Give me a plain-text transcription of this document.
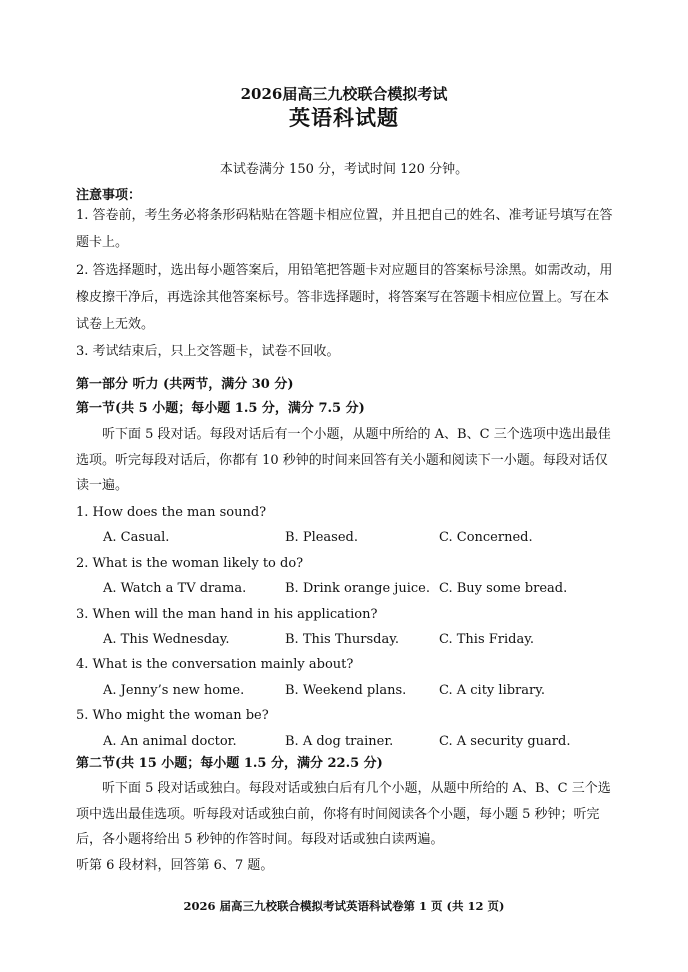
2026届高三九校联合模拟考试
英语科试题
本试卷满分 150 分，考试时间 120 分钟。
注意事项：
1. 答卷前，考生务必将条形码粘贴在答题卡相应位置，并且把自己的姓名、准考证号填写在答题卡上。
2. 答选择题时，选出每小题答案后，用铅笔把答题卡对应题目的答案标号涂黑。如需改动，用橡皮擦干净后，再选涂其他答案标号。答非选择题时，将答案写在答题卡相应位置上。写在本试卷上无效。
3. 考试结束后，只上交答题卡，试卷不回收。
第一部分 听力 (共两节，满分 30 分)
第一节(共 5 小题；每小题 1.5 分，满分 7.5 分)
听下面 5 段对话。每段对话后有一个小题，从题中所给的 A、B、C 三个选项中选出最佳选项。听完每段对话后，你都有 10 秒钟的时间来回答有关小题和阅读下一小题。每段对话仅读一遍。
1. How does the man sound?
A. Casual.	B. Pleased.	C. Concerned.
2. What is the woman likely to do?
A. Watch a TV drama.	B. Drink orange juice. C. Buy some bread.
3. When will the man hand in his application?
A. This Wednesday.	B. This Thursday.	C. This Friday.
4. What is the conversation mainly about?
A. Jenny’s new home.	B. Weekend plans.	C. A city library.
5. Who might the woman be?
A. An animal doctor.	B. A dog trainer.	C. A security guard.
第二节(共 15 小题；每小题 1.5 分，满分 22.5 分)
听下面 5 段对话或独白。每段对话或独白后有几个小题，从题中所给的 A、B、C 三个选项中选出最佳选项。听每段对话或独白前，你将有时间阅读各个小题，每小题 5 秒钟；听完后，各小题将给出 5 秒钟的作答时间。每段对话或独白读两遍。
听第 6 段材料，回答第 6、7 题。
2026 届高三九校联合模拟考试英语科试卷第 1 页 (共 12 页)
